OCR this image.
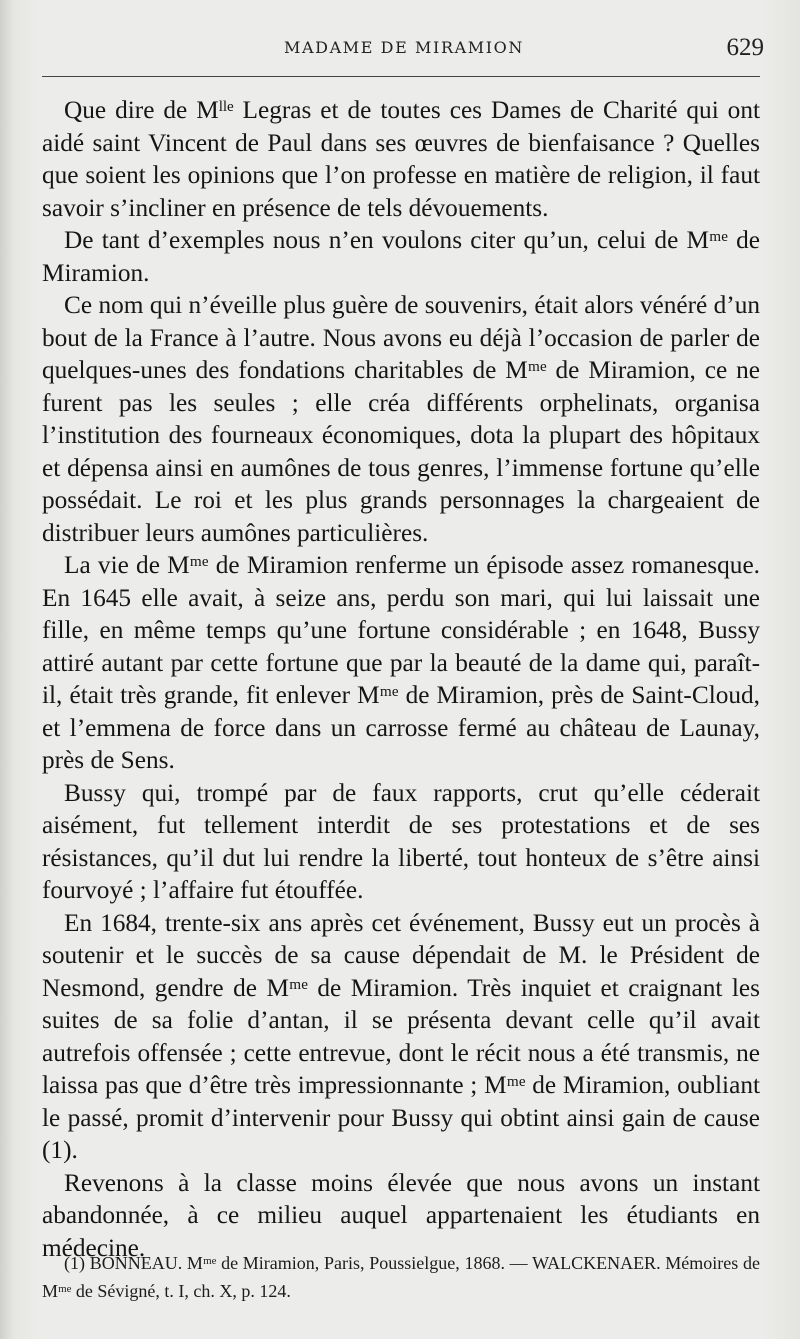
MADAME DE MIRAMION	629

Que dire de Mˡˡᵉ Legras et de toutes ces Dames de Charité qui ont aidé saint Vincent de Paul dans ses œuvres de bienfaisance ? Quelles que soient les opinions que l’on professe en matière de religion, il faut savoir s’incliner en présence de tels dévouements.

De tant d’exemples nous n’en voulons citer qu’un, celui de Mᵐᵉ de Miramion.

Ce nom qui n’éveille plus guère de souvenirs, était alors vénéré d’un bout de la France à l’autre. Nous avons eu déjà l’occasion de parler de quelques-unes des fondations charitables de Mᵐᵉ de Miramion, ce ne furent pas les seules ; elle créa différents orphelinats, organisa l’institution des fourneaux économiques, dota la plupart des hôpitaux et dépensa ainsi en aumônes de tous genres, l’immense fortune qu’elle possédait. Le roi et les plus grands personnages la chargeaient de distribuer leurs aumônes particulières.

La vie de Mᵐᵉ de Miramion renferme un épisode assez romanesque. En 1645 elle avait, à seize ans, perdu son mari, qui lui laissait une fille, en même temps qu’une fortune considérable ; en 1648, Bussy attiré autant par cette fortune que par la beauté de la dame qui, paraît-il, était très grande, fit enlever Mᵐᵉ de Miramion, près de Saint-Cloud, et l’emmena de force dans un carrosse fermé au château de Launay, près de Sens.

Bussy qui, trompé par de faux rapports, crut qu’elle céderait aisément, fut tellement interdit de ses protestations et de ses résistances, qu’il dut lui rendre la liberté, tout honteux de s’être ainsi fourvoyé ; l’affaire fut étouffée.

En 1684, trente-six ans après cet événement, Bussy eut un procès à soutenir et le succès de sa cause dépendait de M. le Président de Nesmond, gendre de Mᵐᵉ de Miramion. Très inquiet et craignant les suites de sa folie d’antan, il se présenta devant celle qu’il avait autrefois offensée ; cette entrevue, dont le récit nous a été transmis, ne laissa pas que d’être très impressionnante ; Mᵐᵉ de Miramion, oubliant le passé, promit d’intervenir pour Bussy qui obtint ainsi gain de cause (1).

Revenons à la classe moins élevée que nous avons un instant abandonnée, à ce milieu auquel appartenaient les étudiants en médecine.

(1) BONNEAU. Mᵐᵉ de Miramion, Paris, Poussielgue, 1868. — WALCKENAER. Mémoires de Mᵐᵉ de Sévigné, t. I, ch. X, p. 124.
